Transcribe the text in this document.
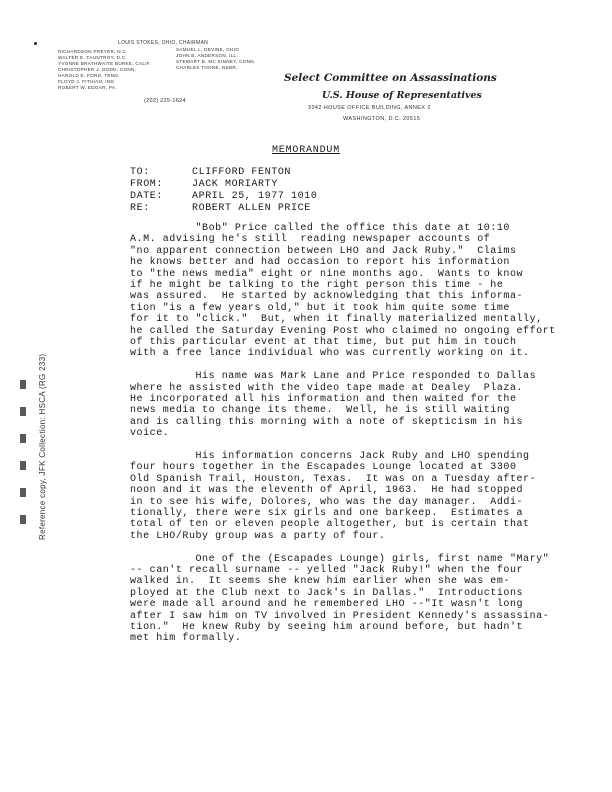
LOUIS STOKES, OHIO, CHAIRMAN
RICHARDSON PREYER, N.C.
WALTER E. FAUNTROY, D.C.
YVONNE BRATHWAITE BURKE, CALIF.
CHRISTOPHER J. DODD, CONN.
HAROLD E. FORD, TENN.
FLOYD J. FITHIAN, IND.
ROBERT W. EDGAR, PA.
SAMUEL L. DEVINE, OHIO
JOHN B. ANDERSON, ILL.
STEWART B. MC KINNEY, CONN.
CHARLES THONE, NEBR.
(202) 225-1624
Select Committee on Assassinations
U.S. House of Representatives
3342 HOUSE OFFICE BUILDING, ANNEX 2
WASHINGTON, D.C. 20515
MEMORANDUM
TO:	CLIFFORD FENTON
FROM:	JACK MORIARTY
DATE:	APRIL 25, 1977 1010
RE:	ROBERT ALLEN PRICE
"Bob" Price called the office this date at 10:10
A.M. advising he's still  reading newspaper accounts of
"no apparent connection between LHO and Jack Ruby."  Claims
he knows better and had occasion to report his information
to "the news media" eight or nine months ago.  Wants to know
if he might be talking to the right person this time - he
was assured.  He started by acknowledging that this informa-
tion "is a few years old," but it took him quite some time
for it to "click."  But, when it finally materialized mentally,
he called the Saturday Evening Post who claimed no ongoing effort
of this particular event at that time, but put him in touch
with a free lance individual who was currently working on it.
His name was Mark Lane and Price responded to Dallas
where he assisted with the video tape made at Dealey  Plaza.
He incorporated all his information and then waited for the
news media to change its theme.  Well, he is still waiting
and is calling this morning with a note of skepticism in his
voice.
His information concerns Jack Ruby and LHO spending
four hours together in the Escapades Lounge located at 3300
Old Spanish Trail, Houston, Texas.  It was on a Tuesday after-
noon and it was the eleventh of April, 1963.  He had stopped
in to see his wife, Dolores, who was the day manager.  Addi-
tionally, there were six girls and one barkeep.  Estimates a
total of ten or eleven people altogether, but is certain that
the LHO/Ruby group was a party of four.
One of the (Escapades Lounge) girls, first name "Mary"
-- can't recall surname -- yelled "Jack Ruby!" when the four
walked in.  It seems she knew him earlier when she was em-
ployed at the Club next to Jack's in Dallas."  Introductions
were made all around and he remembered LHO --"It wasn't long
after I saw him on TV involved in President Kennedy's assassina-
tion."  He knew Ruby by seeing him around before, but hadn't
met him formally.
Reference copy, JFK Collection: HSCA (RG 233)
